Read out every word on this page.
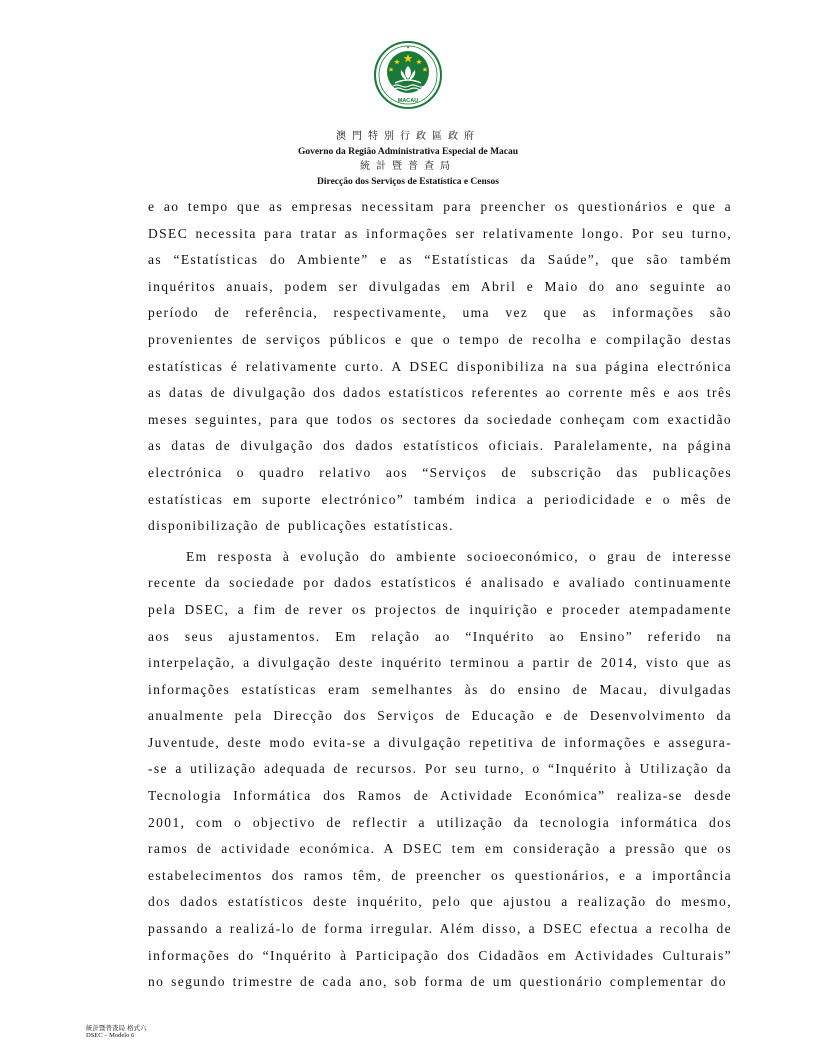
MACAU
★
澳門特別行政區政府
Governo da Região Administrativa Especial de Macau
統計暨普查局
Direcção dos Serviços de Estatística e Censos

e ao tempo que as empresas necessitam para preencher os questionários e que a DSEC necessita para tratar as informações ser relativamente longo. Por seu turno, as “Estatísticas do Ambiente” e as “Estatísticas da Saúde”, que são também inquéritos anuais, podem ser divulgadas em Abril e Maio do ano seguinte ao período de referência, respectivamente, uma vez que as informações são provenientes de serviços públicos e que o tempo de recolha e compilação destas estatísticas é relativamente curto. A DSEC disponibiliza na sua página electrónica as datas de divulgação dos dados estatísticos referentes ao corrente mês e aos três meses seguintes, para que todos os sectores da sociedade conheçam com exactidão as datas de divulgação dos dados estatísticos oficiais. Paralelamente, na página electrónica o quadro relativo aos “Serviços de subscrição das publicações estatísticas em suporte electrónico” também indica a periodicidade e o mês de disponibilização de publicações estatísticas.

Em resposta à evolução do ambiente socioeconómico, o grau de interesse recente da sociedade por dados estatísticos é analisado e avaliado continuamente pela DSEC, a fim de rever os projectos de inquirição e proceder atempadamente aos seus ajustamentos. Em relação ao “Inquérito ao Ensino” referido na interpelação, a divulgação deste inquérito terminou a partir de 2014, visto que as informações estatísticas eram semelhantes às do ensino de Macau, divulgadas anualmente pela Direcção dos Serviços de Educação e de Desenvolvimento da Juventude, deste modo evita-se a divulgação repetitiva de informações e assegura--se a utilização adequada de recursos. Por seu turno, o “Inquérito à Utilização da Tecnologia Informática dos Ramos de Actividade Económica” realiza-se desde 2001, com o objectivo de reflectir a utilização da tecnologia informática dos ramos de actividade económica. A DSEC tem em consideração a pressão que os estabelecimentos dos ramos têm, de preencher os questionários, e a importância dos dados estatísticos deste inquérito, pelo que ajustou a realização do mesmo, passando a realizá-lo de forma irregular. Além disso, a DSEC efectua a recolha de informações do “Inquérito à Participação dos Cidadãos em Actividades Culturais” no segundo trimestre de cada ano, sob forma de um questionário complementar do

統計暨普查局 格式六
DSEC – Modelo 6
